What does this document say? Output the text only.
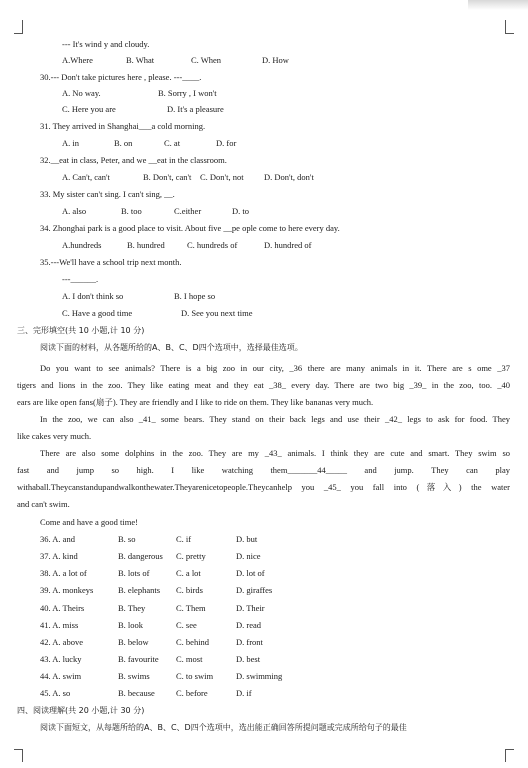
--- It's wind y and cloudy.
A.Where	B. What	C. When	D. How
30.--- Don't take pictures here , please. ---____.
A. No way.	B. Sorry , I won't
C. Here you are	D. It's a pleasure
31. They arrived in Shanghai___a cold morning.
A. in	B. on	C. at	D. for
32.__eat in class, Peter, and we __eat in the classroom.
A. Can't, can't	B. Don't, can't C. Don't, not D. Don't, don't
33. My sister can't sing. I can't sing, __.
A. also	B. too	C.either	D. to
34. Zhonghai park is a good place to visit. About five __pe ople come to here every day.
A.hundreds	B. hundred	C. hundreds of	D. hundred of
35.---We'll have a school trip next month.
---______.
A. I don't think so	B. I hope so
C. Have a good time	D. See you next time
Do you want to see animals? There is a big zoo in our city, _36 there are many animals in it. There are s ome _37
tigers and lions in the zoo. They like eating meat and they eat _38_ every day. There are two big _39_ in the zoo, too. _40
ears are like open fans(扇子). They are friendly and I like to ride on them. They like bananas very much.
In the zoo, we can also _41_ some bears. They stand on their back legs and use their _42_ legs to ask for food. They
like cakes very much.
There are also some dolphins in the zoo. They are my _43_ animals. I think they are cute and smart. They swim so
fast and jump so high. I like watching them_______44_____ and jump. They can play
withaball.Theycanstandupandwalkonthewater.Theyarenicetopeople.Theycanhelp you _45_ you fall into (落入) the water
and can't swim.
Come and have a good time!
36. A. and	B. so	C. if	D. but
37. A. kind	B. dangerous C. pretty	D. nice
38. A. a lot of	B. lots of	C. a lot	D. lot of
39. A. monkeys	B. elephants C. birds	D. giraffes
40. A. Theirs	B. They	C. Them	D. Their
41. A. miss	B. look	C. see	D. read
42. A. above	B. below	C. behind	D. front
43. A. lucky	B. favourite C. most	D. best
44. A. swim	B. swims	C. to swim	D. swimming
45. A. so	B. because C. before	D. if
三、完形填空(共 10 小题,计 10 分)
阅读下面的材料，从各题所给的A、B、C、D四个选项中，选择最佳选项。
四、阅读理解(共 20 小题,计 30 分)
阅读下面短文，从每题所给的A、B、C、D四个选项中，选出能正确回答所提问题或完成所给句子的最佳
